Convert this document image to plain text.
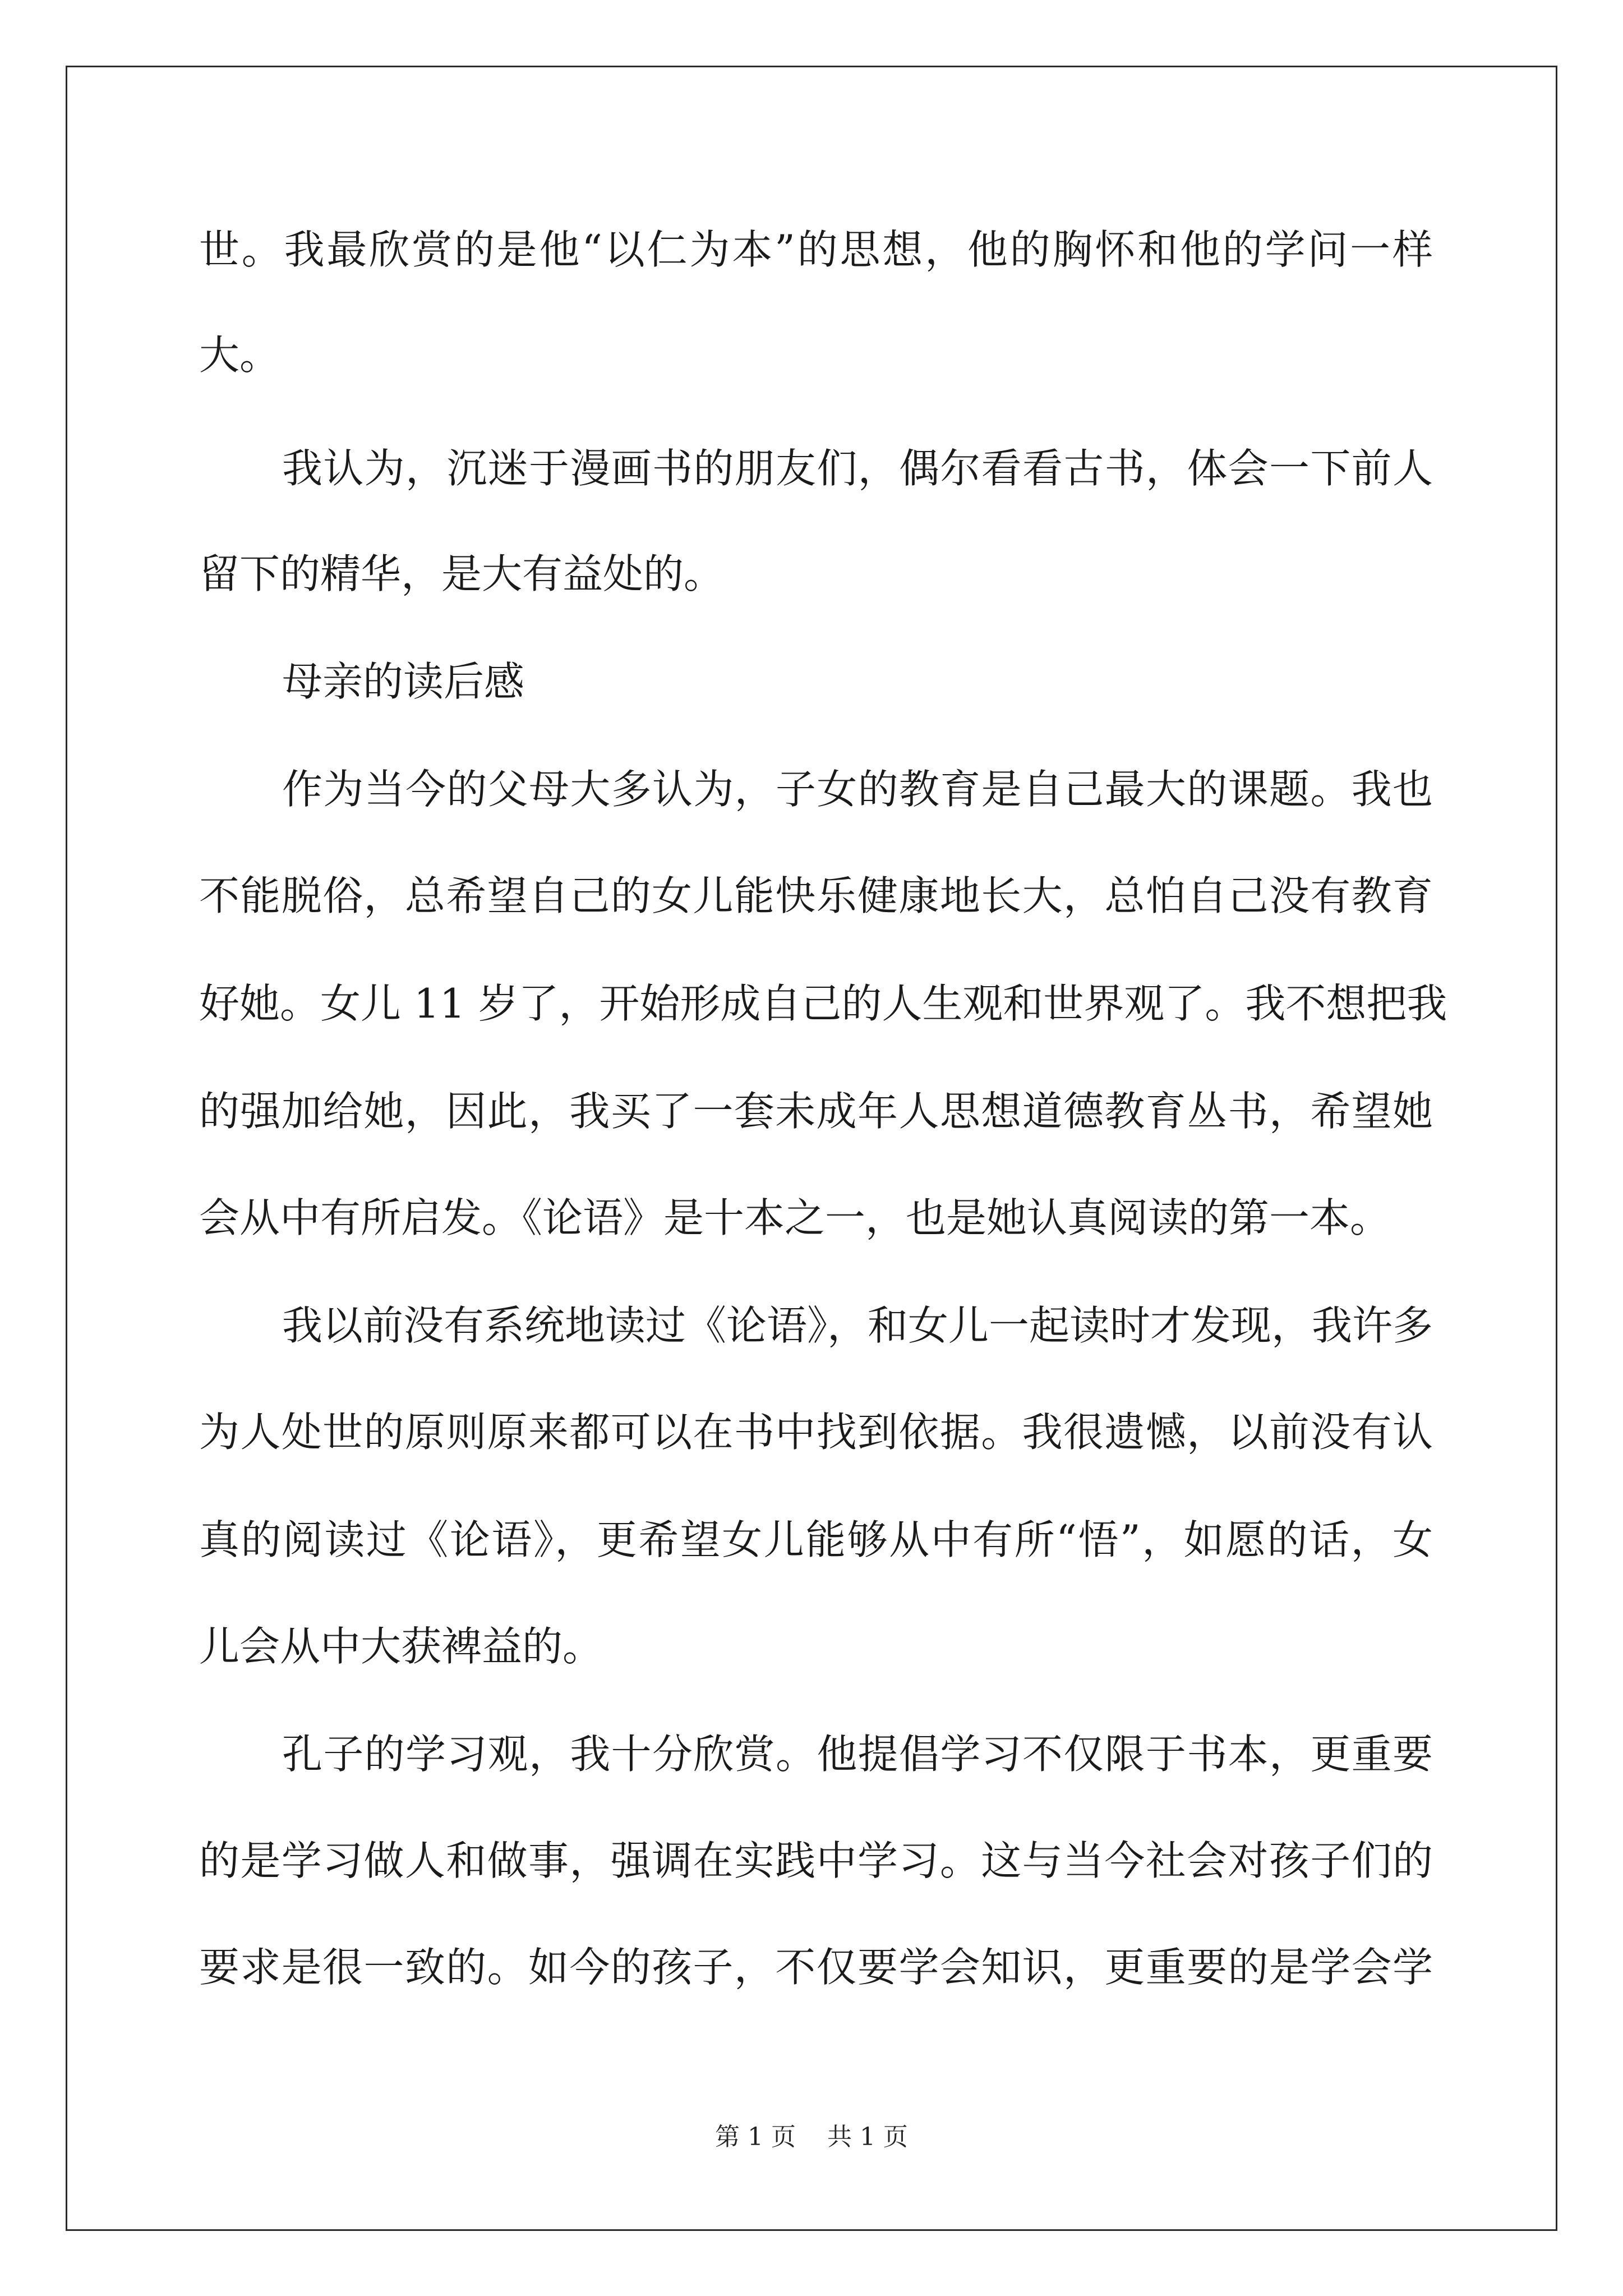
世。我最欣赏的是他“以仁为本”的思想，他的胸怀和他的学问一样
大。
我认为，沉迷于漫画书的朋友们，偶尔看看古书，体会一下前人
留下的精华，是大有益处的。
母亲的读后感
作为当今的父母大多认为，子女的教育是自己最大的课题。我也
不能脱俗，总希望自己的女儿能快乐健康地长大，总怕自己没有教育
好她。女儿 11 岁了，开始形成自己的人生观和世界观了。我不想把我
的强加给她，因此，我买了一套未成年人思想道德教育丛书，希望她
会从中有所启发。《论语》是十本之一，也是她认真阅读的第一本。
我以前没有系统地读过《论语》，和女儿一起读时才发现，我许多
为人处世的原则原来都可以在书中找到依据。我很遗憾，以前没有认
真的阅读过《论语》，更希望女儿能够从中有所“悟”，如愿的话，女
儿会从中大获裨益的。
孔子的学习观，我十分欣赏。他提倡学习不仅限于书本，更重要
的是学习做人和做事，强调在实践中学习。这与当今社会对孩子们的
要求是很一致的。如今的孩子，不仅要学会知识，更重要的是学会学
第 1 页    共 1 页
